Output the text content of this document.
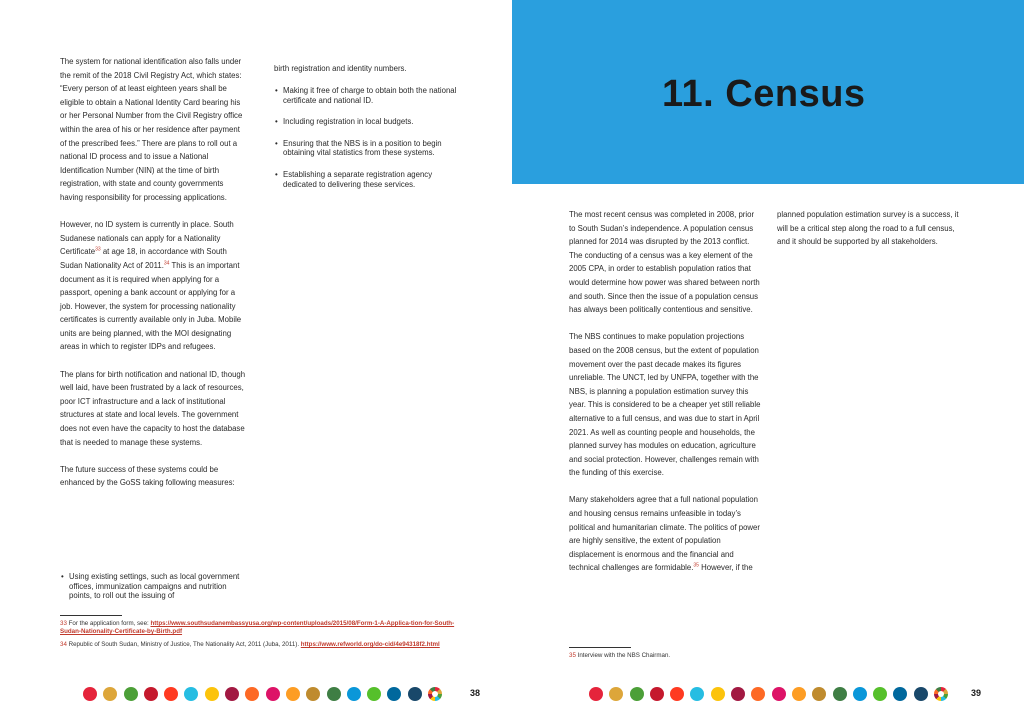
The system for national identification also falls under the remit of the 2018 Civil Registry Act, which states: “Every person of at least eighteen years shall be eligible to obtain a National Identity Card bearing his or her Personal Number from the Civil Registry office within the area of his or her residence after payment of the prescribed fees.” There are plans to roll out a national ID process and to issue a National Identification Number (NIN) at the time of birth registration, with state and county governments having responsibility for processing applications.

However, no ID system is currently in place. South Sudanese nationals can apply for a Nationality Certificate$^{33}$ at age 18, in accordance with South Sudan Nationality Act of 2011.34 This is an important document as it is required when applying for a passport, opening a bank account or applying for a job. However, the system for processing nationality certificates is currently available only in Juba. Mobile units are being planned, with the MOI designating areas in which to register IDPs and refugees.

The plans for birth notification and national ID, though well laid, have been frustrated by a lack of resources, poor ICT infrastructure and a lack of institutional structures at state and local levels. The government does not even have the capacity to host the database that is needed to manage these systems.

The future success of these systems could be enhanced by the GoSS taking following measures:

• Using existing settings, such as local government offices, immunization campaigns and nutrition points, to roll out the issuing of
birth registration and identity numbers.
• Making it free of charge to obtain both the national certificate and national ID.
• Including registration in local budgets.
• Ensuring that the NBS is in a position to begin obtaining vital statistics from these systems.
• Establishing a separate registration agency dedicated to delivering these services.
33 For the application form, see: https://www.southsudanembassyusa.org/wp-content/uploads/2015/08/Form-1-A-Applica-tion-for-South-Sudan-Nationality-Certificate-by-Birth.pdf
34 Republic of South Sudan, Ministry of Justice, The Nationality Act, 2011 (Juba, 2011). https://www.refworld.org/do-cid/4e94318f2.html
38
11. Census

The most recent census was completed in 2008, prior to South Sudan’s independence. A population census planned for 2014 was disrupted by the 2013 conflict. The conducting of a census was a key element of the 2005 CPA, in order to establish population ratios that would determine how power was shared between north and south. Since then the issue of a population census has always been politically contentious and sensitive.

The NBS continues to make population projections based on the 2008 census, but the extent of population movement over the past decade makes its figures unreliable. The UNCT, led by UNFPA, together with the NBS, is planning a population estimation survey this year. This is considered to be a cheaper yet still reliable alternative to a full census, and was due to start in April 2021. As well as counting people and households, the planned survey has modules on education, agriculture and social protection. However, challenges remain with the funding of this exercise.

Many stakeholders agree that a full national population and housing census remains unfeasible in today’s political and humanitarian climate. The politics of power are highly sensitive, the extent of population displacement is enormous and the financial and technical challenges are formidable.$^{35}$ However, if the

planned population estimation survey is a success, it will be a critical step along the road to a full census, and it should be supported by all stakeholders.

35 Interview with the NBS Chairman.
39
